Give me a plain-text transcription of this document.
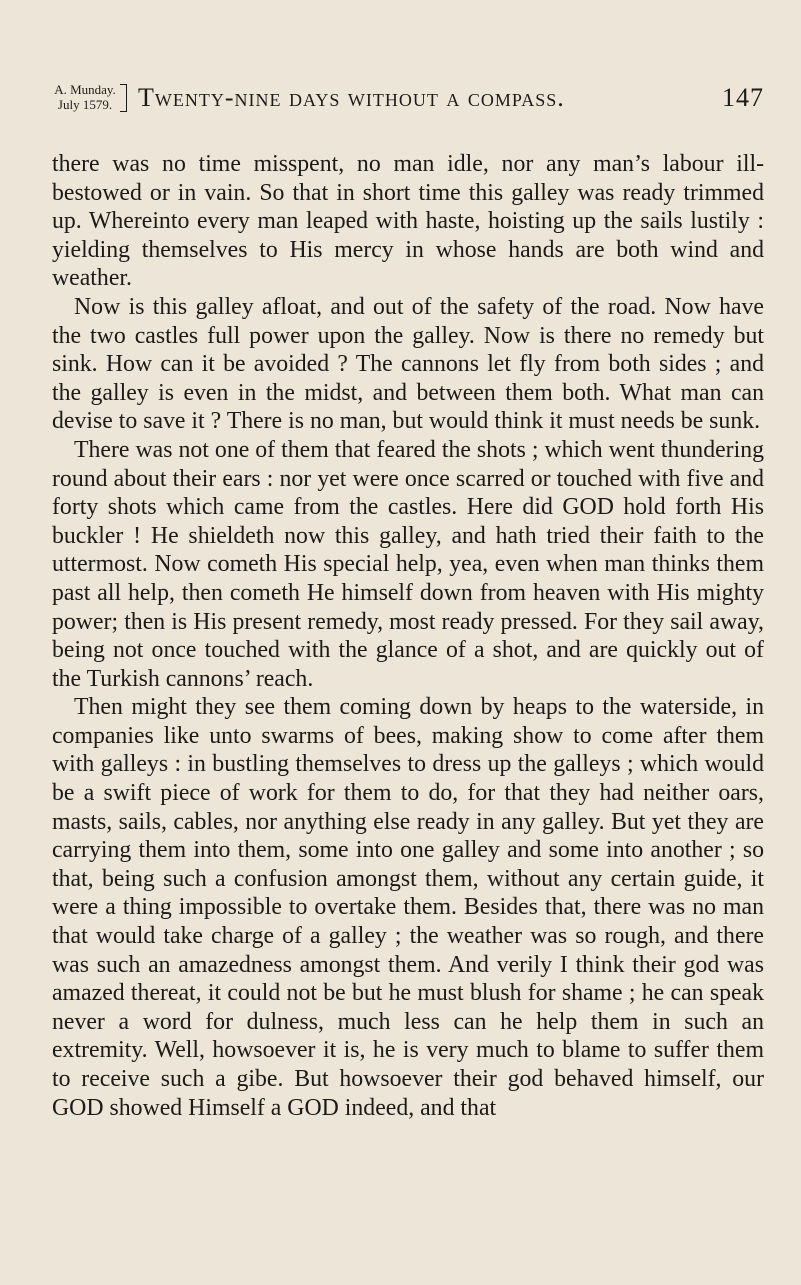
A. Munday.
July 1579. Twenty-nine days without a compass.	147

there was no time misspent, no man idle, nor any man’s labour ill-bestowed or in vain. So that in short time this galley was ready trimmed up. Whereinto every man leaped with haste, hoisting up the sails lustily : yielding themselves to His mercy in whose hands are both wind and weather.

Now is this galley afloat, and out of the safety of the road. Now have the two castles full power upon the galley. Now is there no remedy but sink. How can it be avoided ? The cannons let fly from both sides ; and the galley is even in the midst, and between them both. What man can devise to save it ? There is no man, but would think it must needs be sunk.

There was not one of them that feared the shots ; which went thundering round about their ears : nor yet were once scarred or touched with five and forty shots which came from the castles. Here did GOD hold forth His buckler ! He shieldeth now this galley, and hath tried their faith to the uttermost. Now cometh His special help, yea, even when man thinks them past all help, then cometh He himself down from heaven with His mighty power; then is His present remedy, most ready pressed. For they sail away, being not once touched with the glance of a shot, and are quickly out of the Turkish cannons’ reach.

Then might they see them coming down by heaps to the waterside, in companies like unto swarms of bees, making show to come after them with galleys : in bustling themselves to dress up the galleys ; which would be a swift piece of work for them to do, for that they had neither oars, masts, sails, cables, nor anything else ready in any galley. But yet they are carrying them into them, some into one galley and some into another ; so that, being such a confusion amongst them, without any certain guide, it were a thing impossible to overtake them. Besides that, there was no man that would take charge of a galley ; the weather was so rough, and there was such an amazedness amongst them. And verily I think their god was amazed thereat, it could not be but he must blush for shame ; he can speak never a word for dulness, much less can he help them in such an extremity. Well, howsoever it is, he is very much to blame to suffer them to receive such a gibe. But howsoever their god behaved himself, our GOD showed Himself a GOD indeed, and that
